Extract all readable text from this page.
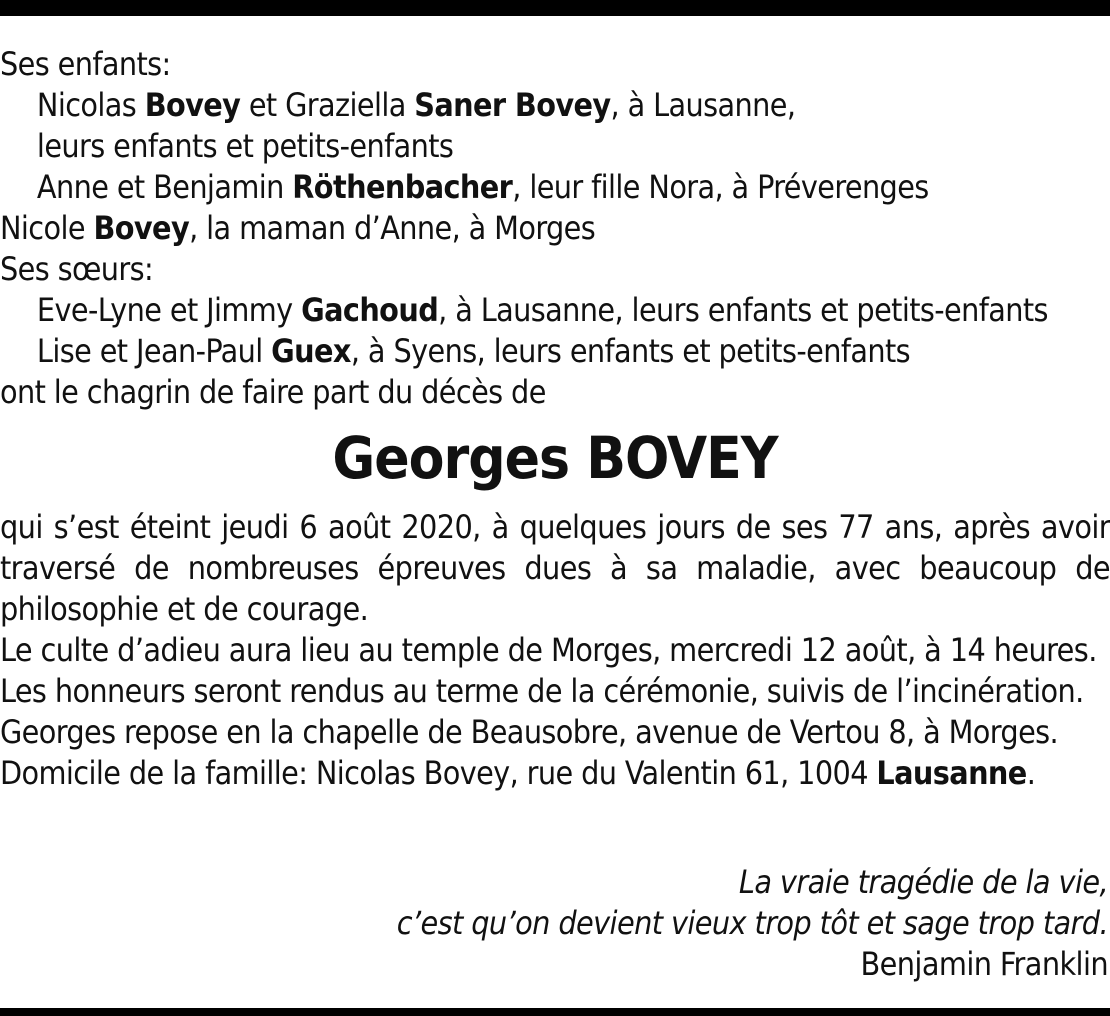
Ses enfants:
Nicolas Bovey et Graziella Saner Bovey, à Lausanne,
leurs enfants et petits-enfants
Anne et Benjamin Röthenbacher, leur fille Nora, à Préverenges
Nicole Bovey, la maman d’Anne, à Morges
Ses sœurs:
Eve-Lyne et Jimmy Gachoud, à Lausanne, leurs enfants et petits-enfants
Lise et Jean-Paul Guex, à Syens, leurs enfants et petits-enfants
ont le chagrin de faire part du décès de
Georges BOVEY
qui s’est éteint jeudi 6 août 2020, à quelques jours de ses 77 ans, après avoir traversé de nombreuses épreuves dues à sa maladie, avec beaucoup de philosophie et de courage.
Le culte d’adieu aura lieu au temple de Morges, mercredi 12 août, à 14 heures.
Les honneurs seront rendus au terme de la cérémonie, suivis de l’incinération.
Georges repose en la chapelle de Beausobre, avenue de Vertou 8, à Morges.
Domicile de la famille: Nicolas Bovey, rue du Valentin 61, 1004 Lausanne.
La vraie tragédie de la vie,
c’est qu’on devient vieux trop tôt et sage trop tard.
Benjamin Franklin
